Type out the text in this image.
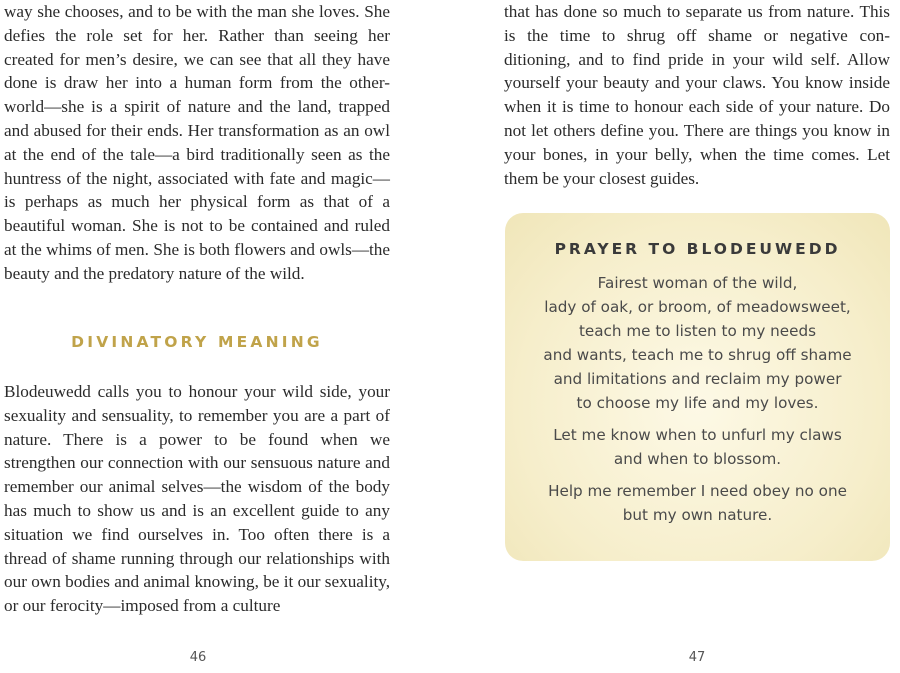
way she chooses, and to be with the man she loves. She defies the role set for her. Rather than seeing her created for men’s desire, we can see that all they have done is draw her into a human form from the other-world—she is a spirit of nature and the land, trapped and abused for their ends. Her transformation as an owl at the end of the tale—a bird traditionally seen as the huntress of the night, associated with fate and magic—is perhaps as much her physical form as that of a beautiful woman. She is not to be contained and ruled at the whims of men. She is both flowers and owls—the beauty and the predatory nature of the wild.

DIVINATORY MEANING

Blodeuwedd calls you to honour your wild side, your sexuality and sensuality, to remember you are a part of nature. There is a power to be found when we strengthen our connection with our sensuous nature and remember our animal selves—the wisdom of the body has much to show us and is an excellent guide to any situation we find ourselves in. Too often there is a thread of shame running through our relationships with our own bodies and animal knowing, be it our sexuality, or our ferocity—imposed from a culture

46

that has done so much to separate us from nature. This is the time to shrug off shame or negative con-ditioning, and to find pride in your wild self. Allow yourself your beauty and your claws. You know inside when it is time to honour each side of your nature. Do not let others define you. There are things you know in your bones, in your belly, when the time comes. Let them be your closest guides.

PRAYER TO BLODEUWEDD

Fairest woman of the wild,
lady of oak, or broom, of meadowsweet,
teach me to listen to my needs
and wants, teach me to shrug off shame
and limitations and reclaim my power
to choose my life and my loves.

Let me know when to unfurl my claws
and when to blossom.

Help me remember I need obey no one
but my own nature.

47
